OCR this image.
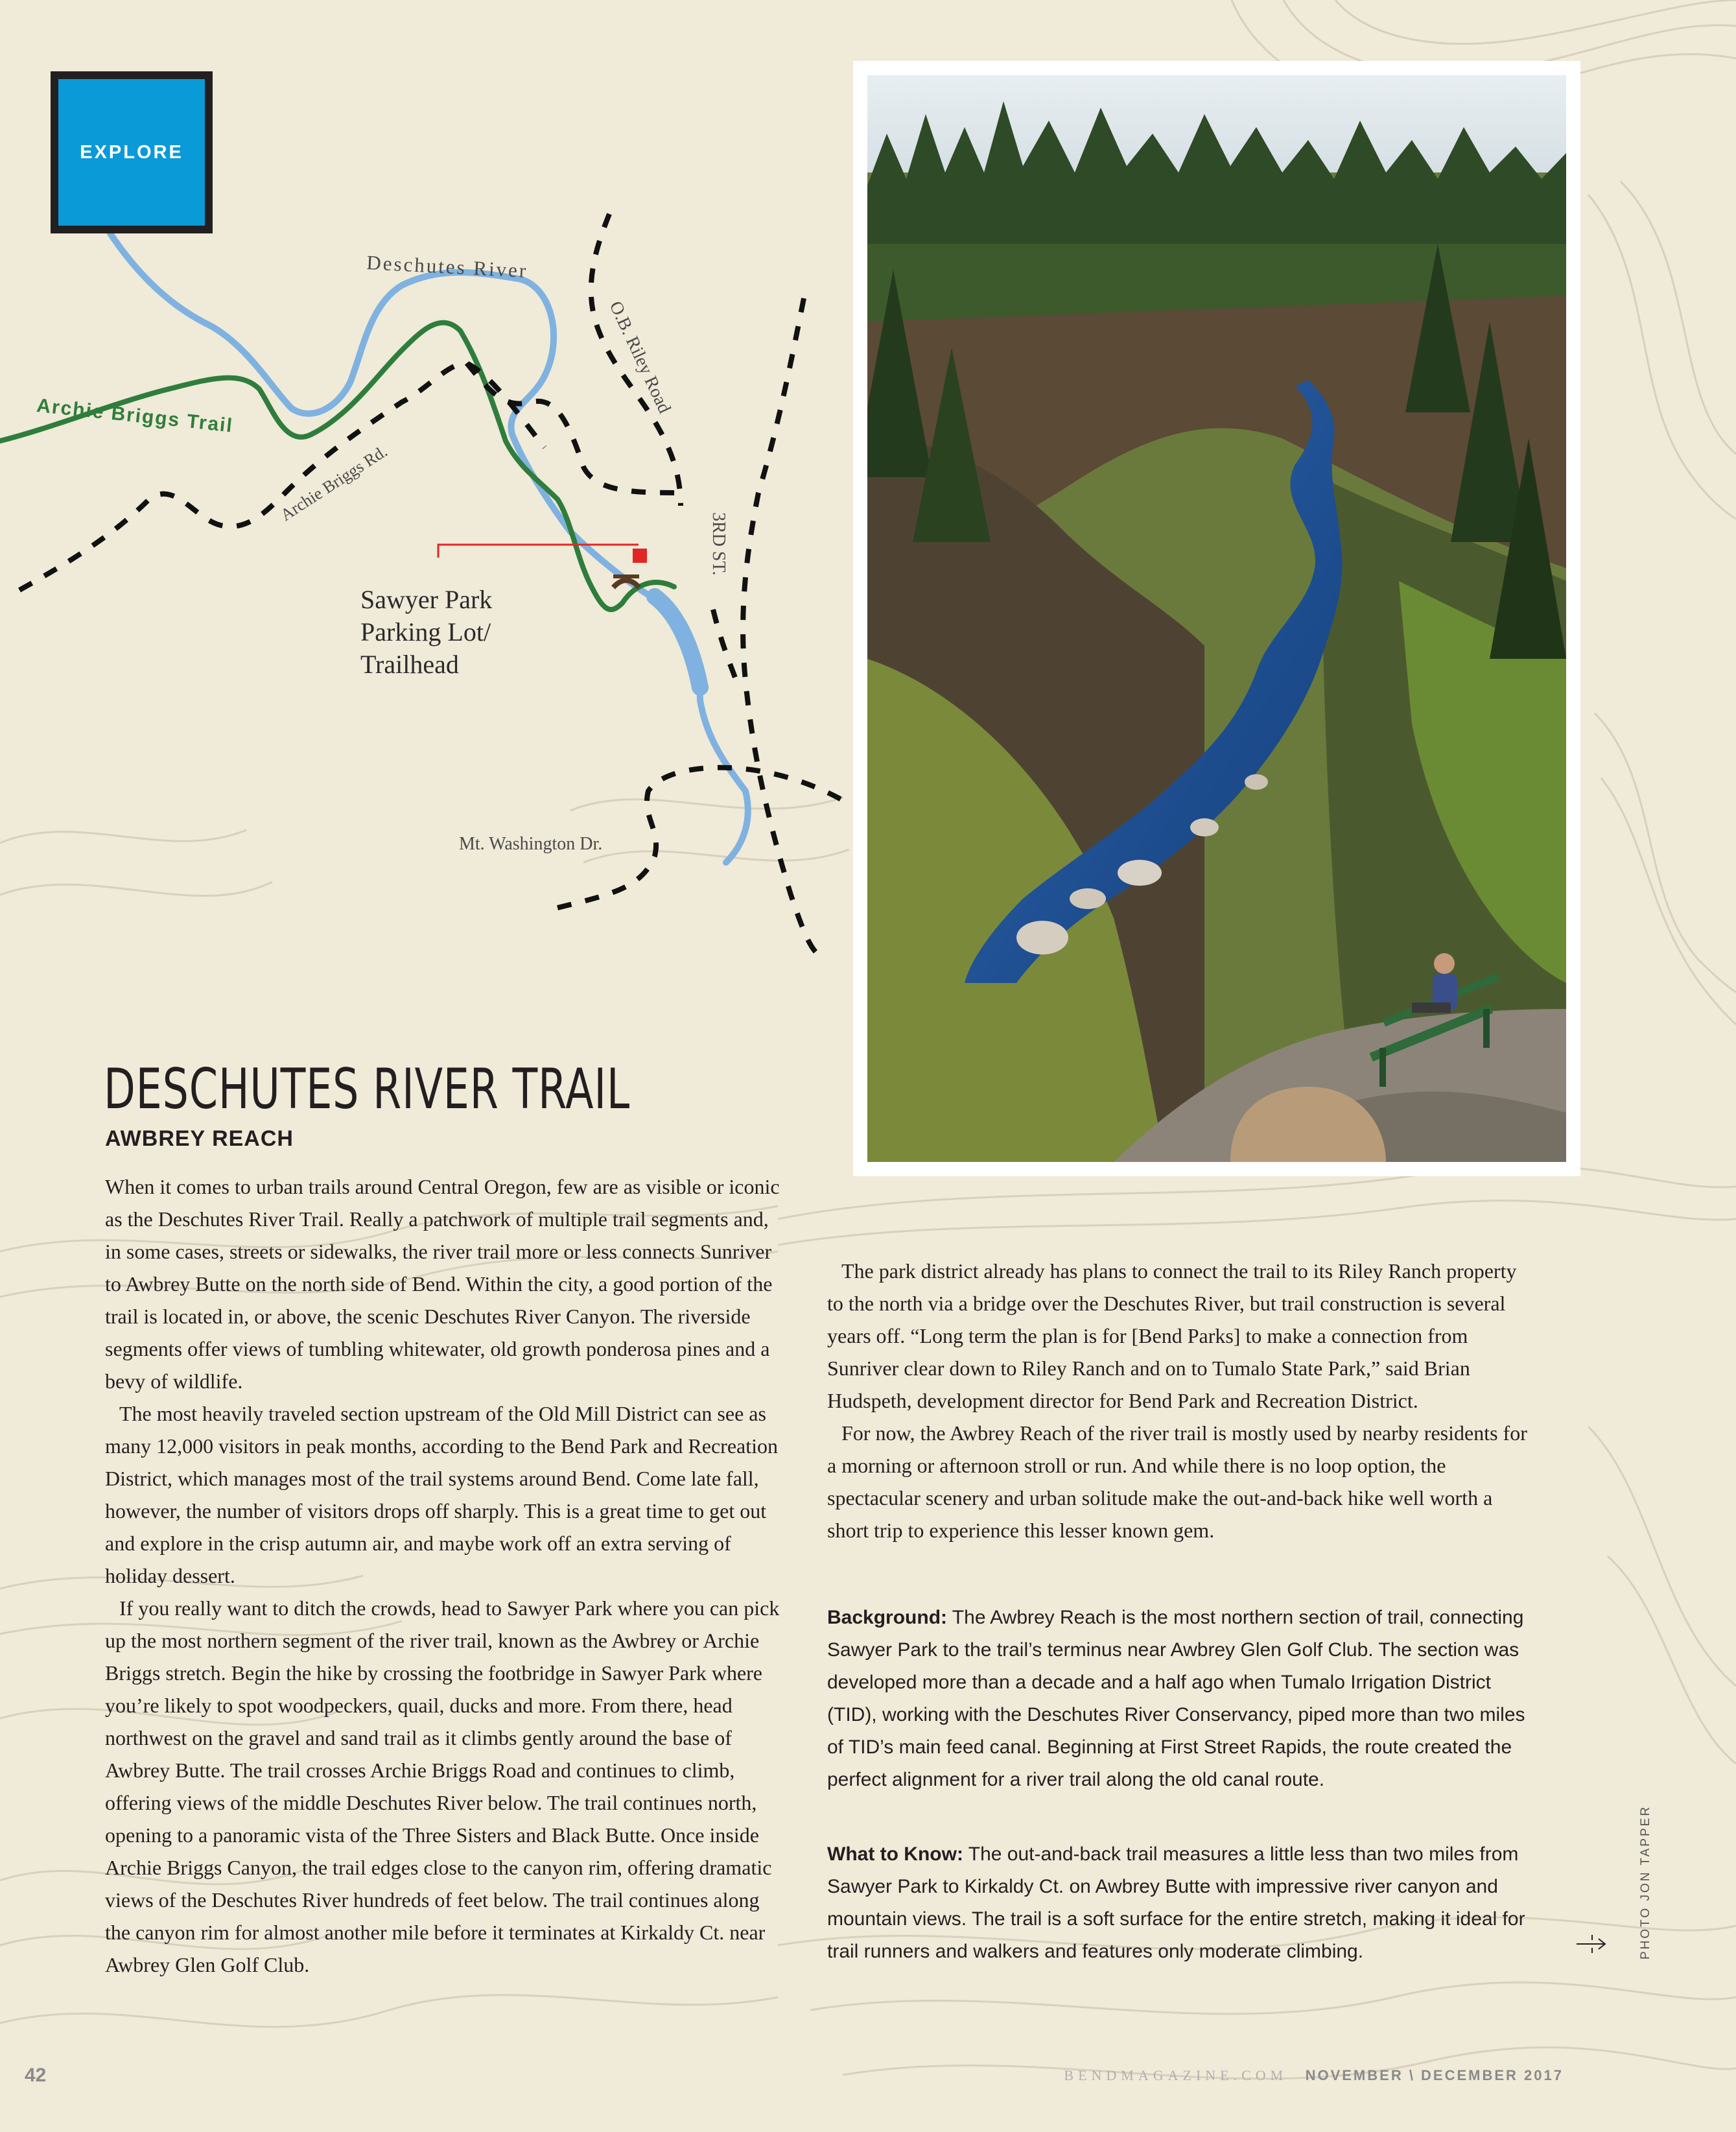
Deschutes River
Archie Briggs Trail
Archie Briggs Rd.
O.B. Riley Road
3RD ST.
Mt. Washington Dr.
EXPLORE
Sawyer Park
Parking Lot/
Trailhead
PHOTO JON TAPPER
DESCHUTES RIVER TRAIL
AWBREY REACH

When it comes to urban trails around Central Oregon, few are as visible or iconic as the Deschutes River Trail. Really a patchwork of multiple trail segments and, in some cases, streets or sidewalks, the river trail more or less connects Sunriver to Awbrey Butte on the north side of Bend. Within the city, a good portion of the trail is located in, or above, the scenic Deschutes River Canyon. The riverside segments offer views of tumbling whitewater, old growth ponderosa pines and a bevy of wildlife.

The most heavily traveled section upstream of the Old Mill District can see as many 12,000 visitors in peak months, according to the Bend Park and Recreation District, which manages most of the trail systems around Bend. Come late fall, however, the number of visitors drops off sharply. This is a great time to get out and explore in the crisp autumn air, and maybe work off an extra serving of holiday dessert.

If you really want to ditch the crowds, head to Sawyer Park where you can pick up the most northern segment of the river trail, known as the Awbrey or Archie Briggs stretch. Begin the hike by crossing the footbridge in Sawyer Park where you’re likely to spot woodpeckers, quail, ducks and more. From there, head northwest on the gravel and sand trail as it climbs gently around the base of Awbrey Butte. The trail crosses Archie Briggs Road and continues to climb, offering views of the middle Deschutes River below. The trail continues north, opening to a panoramic vista of the Three Sisters and Black Butte. Once inside Archie Briggs Canyon, the trail edges close to the canyon rim, offering dramatic views of the Deschutes River hundreds of feet below. The trail continues along the canyon rim for almost another mile before it terminates at Kirkaldy Ct. near Awbrey Glen Golf Club.

The park district already has plans to connect the trail to its Riley Ranch property to the north via a bridge over the Deschutes River, but trail construction is several years off. “Long term the plan is for [Bend Parks] to make a connection from Sunriver clear down to Riley Ranch and on to Tumalo State Park,” said Brian Hudspeth, development director for Bend Park and Recreation District.

For now, the Awbrey Reach of the river trail is mostly used by nearby residents for a morning or afternoon stroll or run. And while there is no loop option, the spectacular scenery and urban solitude make the out-and-back hike well worth a short trip to experience this lesser known gem.

Background: The Awbrey Reach is the most northern section of trail, connecting Sawyer Park to the trail’s terminus near Awbrey Glen Golf Club. The section was developed more than a decade and a half ago when Tumalo Irrigation District (TID), working with the Deschutes River Conservancy, piped more than two miles of TID’s main feed canal. Beginning at First Street Rapids, the route created the perfect alignment for a river trail along the old canal route.
What to Know: The out-and-back trail measures a little less than two miles from Sawyer Park to Kirkaldy Ct. on Awbrey Butte with impressive river canyon and mountain views. The trail is a soft surface for the entire stretch, making it ideal for trail runners and walkers and features only moderate climbing.
42	BENDMAGAZINE.COM NOVEMBER \ DECEMBER 2017
